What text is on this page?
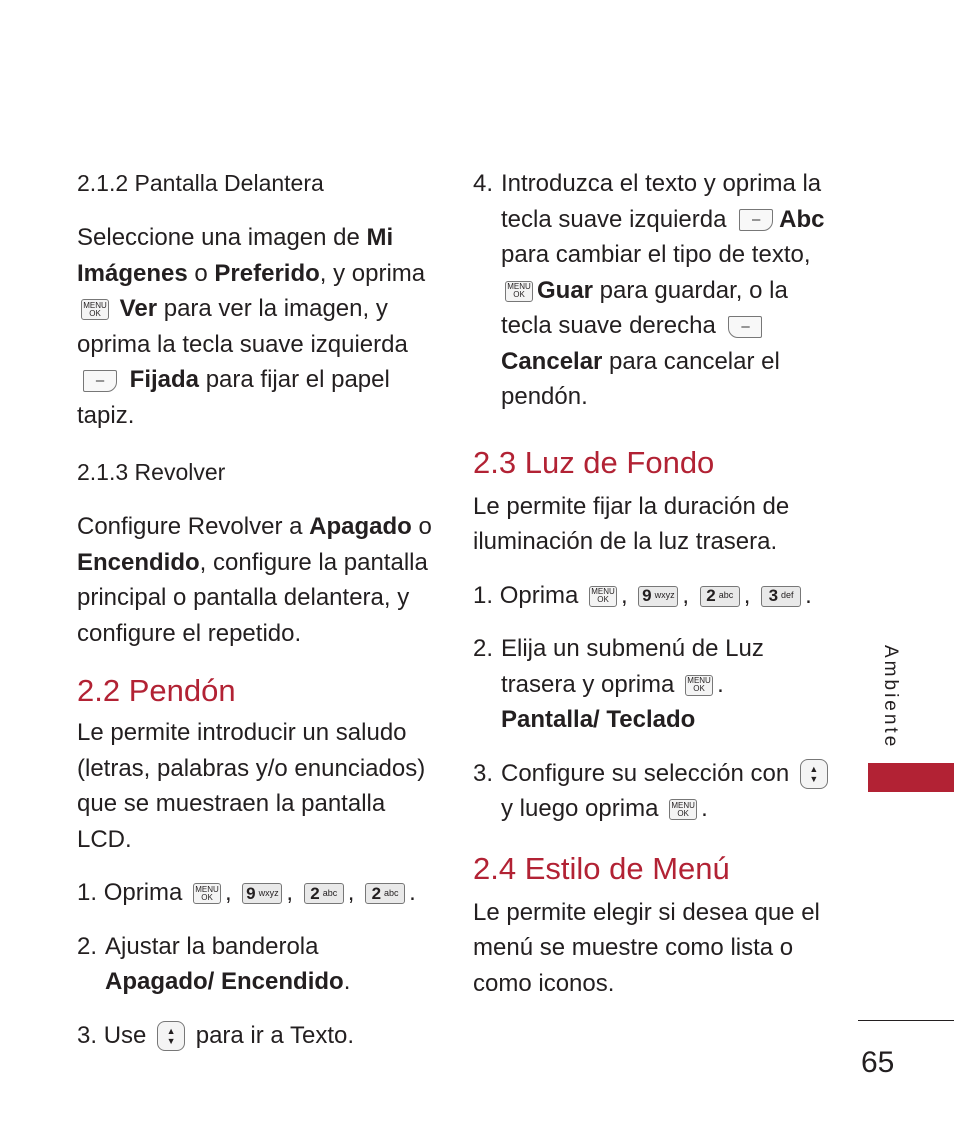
2.1.2 Pantalla Delantera

Seleccione una imagen de Mi Imágenes o Preferido, y oprima

MENU
OK Ver para ver la imagen, y oprima la tecla suave izquierda
– Fijada para fijar el papel tapiz.

2.1.3 Revolver

Configure Revolver a Apagado o Encendido, configure la pantalla principal o pantalla delantera, y configure el repetido.

2.2 Pendón

Le permite introducir un saludo (letras, palabras y/o enunciados) que se muestraen la pantalla LCD.

1. Oprima MENU
OK , 9 wxyz , 2 abc , 2 abc .
2. Ajustar la banderola
Apagado/ Encendido.
3. Use ▲
▼ para ir a Texto.
4. Introduzca el texto y oprima la tecla suave izquierda – Abc
para cambiar el tipo de texto,

MENU
OK Guar para guardar, o la tecla suave derecha –
Cancelar para cancelar el pendón.
2.3 Luz de Fondo

Le permite fijar la duración de iluminación de la luz trasera.

1. Oprima MENU
OK , 9 wxyz , 2 abc , 3 def .
2. Elija un submenú de Luz trasera y oprima MENU
OK .
Pantalla/ Teclado
3. Configure su selección con ▲
▼

y luego oprima MENU
OK .
2.4 Estilo de Menú

Le permite elegir si desea que el menú se muestre como lista o como iconos.

Ambiente
65
